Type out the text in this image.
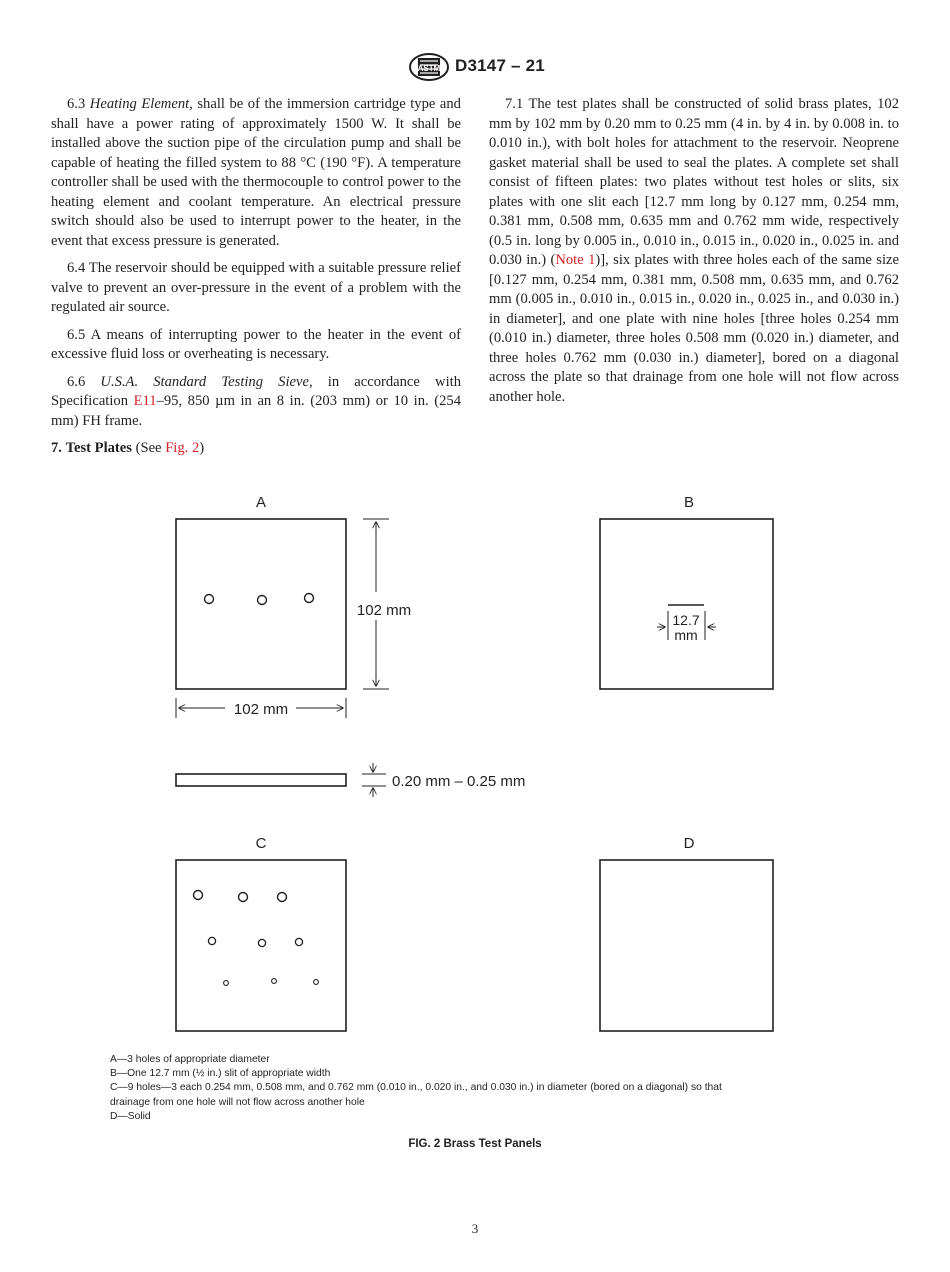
ASTM D3147 – 21

6.3 Heating Element, shall be of the immersion cartridge type and shall have a power rating of approximately 1500 W. It shall be installed above the suction pipe of the circulation pump and shall be capable of heating the filled system to 88 °C (190 °F). A temperature controller shall be used with the thermocouple to control power to the heating element and coolant temperature. An electrical pressure switch should also be used to interrupt power to the heater, in the event that excess pressure is generated.

6.4 The reservoir should be equipped with a suitable pressure relief valve to prevent an over-pressure in the event of a problem with the regulated air source.

6.5 A means of interrupting power to the heater in the event of excessive fluid loss or overheating is necessary.

6.6 U.S.A. Standard Testing Sieve, in accordance with Specification E11–95, 850 µm in an 8 in. (203 mm) or 10 in. (254 mm) FH frame.

7. Test Plates (See Fig. 2)

7.1 The test plates shall be constructed of solid brass plates, 102 mm by 102 mm by 0.20 mm to 0.25 mm (4 in. by 4 in. by 0.008 in. to 0.010 in.), with bolt holes for attachment to the reservoir. Neoprene gasket material shall be used to seal the plates. A complete set shall consist of fifteen plates: two plates without test holes or slits, six plates with one slit each [12.7 mm long by 0.127 mm, 0.254 mm, 0.381 mm, 0.508 mm, 0.635 mm and 0.762 mm wide, respectively (0.5 in. long by 0.005 in., 0.010 in., 0.015 in., 0.020 in., 0.025 in. and 0.030 in.) (Note 1)], six plates with three holes each of the same size [0.127 mm, 0.254 mm, 0.381 mm, 0.508 mm, 0.635 mm, and 0.762 mm (0.005 in., 0.010 in., 0.015 in., 0.020 in., 0.025 in., and 0.030 in.) in diameter], and one plate with nine holes [three holes 0.254 mm (0.010 in.) diameter, three holes 0.508 mm (0.020 in.) diameter, and three holes 0.762 mm (0.030 in.) diameter], bored on a diagonal across the plate so that drainage from one hole will not flow across another hole.

A
102 mm
102 mm
B
12.7
mm
0.20 mm – 0.25 mm
C	D
A—3 holes of appropriate diameter
B—One 12.7 mm (½ in.) slit of appropriate width
C—9 holes—3 each 0.254 mm, 0.508 mm, and 0.762 mm (0.010 in., 0.020 in., and 0.030 in.) in diameter (bored on a diagonal) so that
drainage from one hole will not flow across another hole
D—Solid
FIG. 2 Brass Test Panels
3
